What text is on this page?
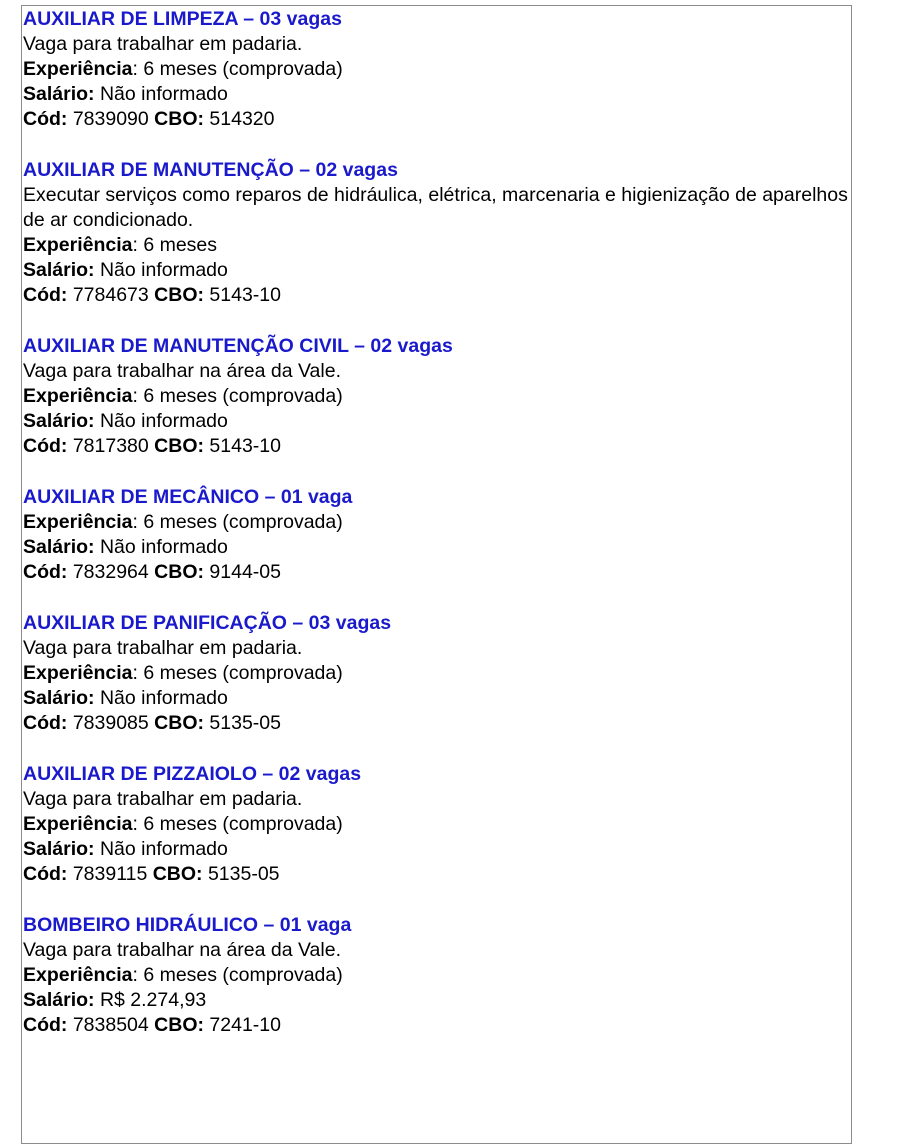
AUXILIAR DE LIMPEZA – 03 vagas
Vaga para trabalhar em padaria.
Experiência: 6 meses (comprovada)
Salário: Não informado
Cód: 7839090 CBO: 514320
AUXILIAR DE MANUTENÇÃO – 02 vagas
Executar serviços como reparos de hidráulica, elétrica, marcenaria e higienização de aparelhos de ar condicionado.
Experiência: 6 meses
Salário: Não informado
Cód: 7784673 CBO: 5143-10
AUXILIAR DE MANUTENÇÃO CIVIL – 02 vagas
Vaga para trabalhar na área da Vale.
Experiência: 6 meses (comprovada)
Salário: Não informado
Cód: 7817380 CBO: 5143-10
AUXILIAR DE MECÂNICO – 01 vaga
Experiência: 6 meses (comprovada)
Salário: Não informado
Cód: 7832964 CBO: 9144-05
AUXILIAR DE PANIFICAÇÃO – 03 vagas
Vaga para trabalhar em padaria.
Experiência: 6 meses (comprovada)
Salário: Não informado
Cód: 7839085 CBO: 5135-05
AUXILIAR DE PIZZAIOLO – 02 vagas
Vaga para trabalhar em padaria.
Experiência: 6 meses (comprovada)
Salário: Não informado
Cód: 7839115 CBO: 5135-05
BOMBEIRO HIDRÁULICO – 01 vaga
Vaga para trabalhar na área da Vale.
Experiência: 6 meses (comprovada)
Salário: R$ 2.274,93
Cód: 7838504 CBO: 7241-10
